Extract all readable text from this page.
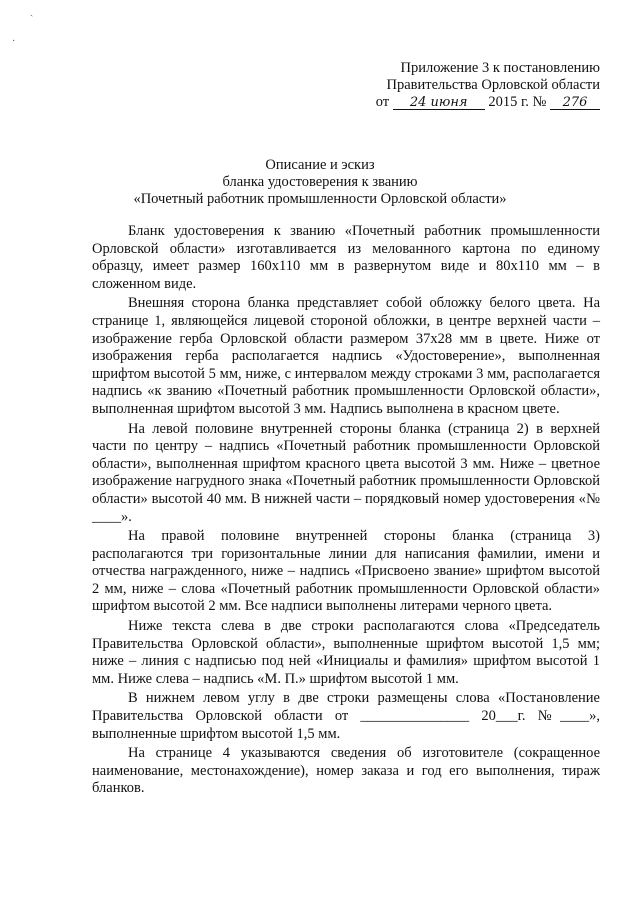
ˏ
·
Приложение 3 к постановлению
Правительства Орловской области
от 24 июня 2015 г. № 276
Описание и эскиз
бланка удостоверения к званию
«Почетный работник промышленности Орловской области»

Бланк удостоверения к званию «Почетный работник промышленности Орловской области» изготавливается из мелованного картона по единому образцу, имеет размер 160х110 мм в развернутом виде и 80х110 мм – в сложенном виде.

Внешняя сторона бланка представляет собой обложку белого цвета. На странице 1, являющейся лицевой стороной обложки, в центре верхней части – изображение герба Орловской области размером 37х28 мм в цвете. Ниже от изображения герба располагается надпись «Удостоверение», выполненная шрифтом высотой 5 мм, ниже, с интервалом между строками 3 мм, располагается надпись «к званию «Почетный работник промышленности Орловской области», выполненная шрифтом высотой 3 мм. Надпись выполнена в красном цвете.

На левой половине внутренней стороны бланка (страница 2) в верхней части по центру – надпись «Почетный работник промышленности Орловской области», выполненная шрифтом красного цвета высотой 3 мм. Ниже – цветное изображение нагрудного знака «Почетный работник промышленности Орловской области» высотой 40 мм. В нижней части – порядковый номер удостоверения «№ ____».

На правой половине внутренней стороны бланка (страница 3) располагаются три горизонтальные линии для написания фамилии, имени и отчества награжденного, ниже – надпись «Присвоено звание» шрифтом высотой 2 мм, ниже – слова «Почетный работник промышленности Орловской области» шрифтом высотой 2 мм. Все надписи выполнены литерами черного цвета.

Ниже текста слева в две строки располагаются слова «Председатель Правительства Орловской области», выполненные шрифтом высотой 1,5 мм; ниже – линия с надписью под ней «Инициалы и фамилия» шрифтом высотой 1 мм. Ниже слева – надпись «М. П.» шрифтом высотой 1 мм.

В нижнем левом углу в две строки размещены слова «Постановление Правительства Орловской области от _______________ 20___г. №____», выполненные шрифтом высотой 1,5 мм.

На странице 4 указываются сведения об изготовителе (сокращенное наименование, местонахождение), номер заказа и год его выполнения, тираж бланков.
